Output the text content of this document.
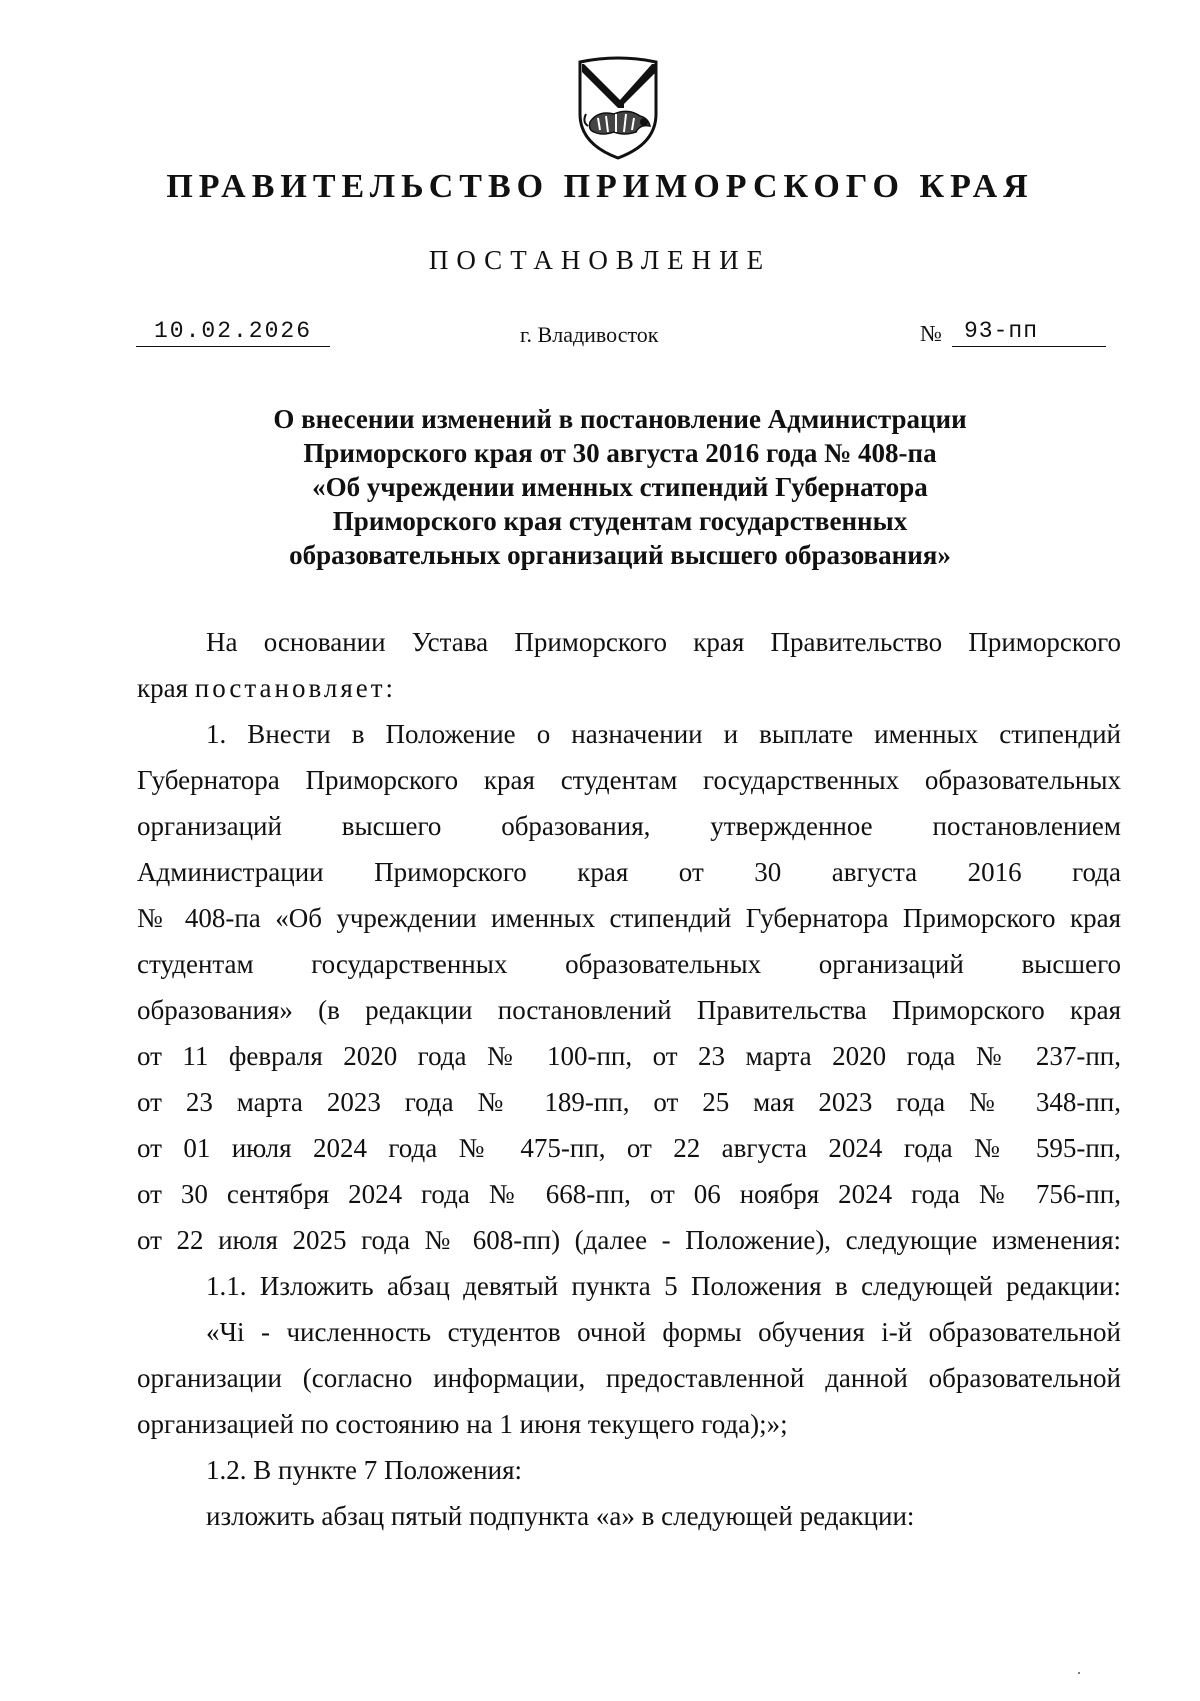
ПРАВИТЕЛЬСТВО ПРИМОРСКОГО КРАЯ
ПОСТАНОВЛЕНИЕ
10.02.2026	г. Владивосток	№ 93-пп
О внесении изменений в постановление Администрации
Приморского края от 30 августа 2016 года № 408-па
«Об учреждении именных стипендий Губернатора
Приморского края студентам государственных
образовательных организаций высшего образования»
На основании Устава Приморского края Правительство Приморского
края постановляет:
1. Внести в Положение о назначении и выплате именных стипендий
Губернатора Приморского края студентам государственных образовательных
организаций высшего образования, утвержденное постановлением
Администрации Приморского края от 30 августа 2016 года
№ 408-па «Об учреждении именных стипендий Губернатора Приморского края
студентам государственных образовательных организаций высшего
образования» (в редакции постановлений Правительства Приморского края
от 11 февраля 2020 года № 100-пп, от 23 марта 2020 года № 237-пп,
от 23 марта 2023 года № 189-пп, от 25 мая 2023 года № 348-пп,
от 01 июля 2024 года № 475-пп, от 22 августа 2024 года № 595-пп,
от 30 сентября 2024 года № 668-пп, от 06 ноября 2024 года № 756-пп,
от 22 июля 2025 года № 608-пп) (далее - Положение), следующие изменения:
1.1. Изложить абзац девятый пункта 5 Положения в следующей редакции:
«Чi - численность студентов очной формы обучения i-й образовательной
организации (согласно информации, предоставленной данной образовательной
организацией по состоянию на 1 июня текущего года);»;
1.2. В пункте 7 Положения:
изложить абзац пятый подпункта «а» в следующей редакции:
